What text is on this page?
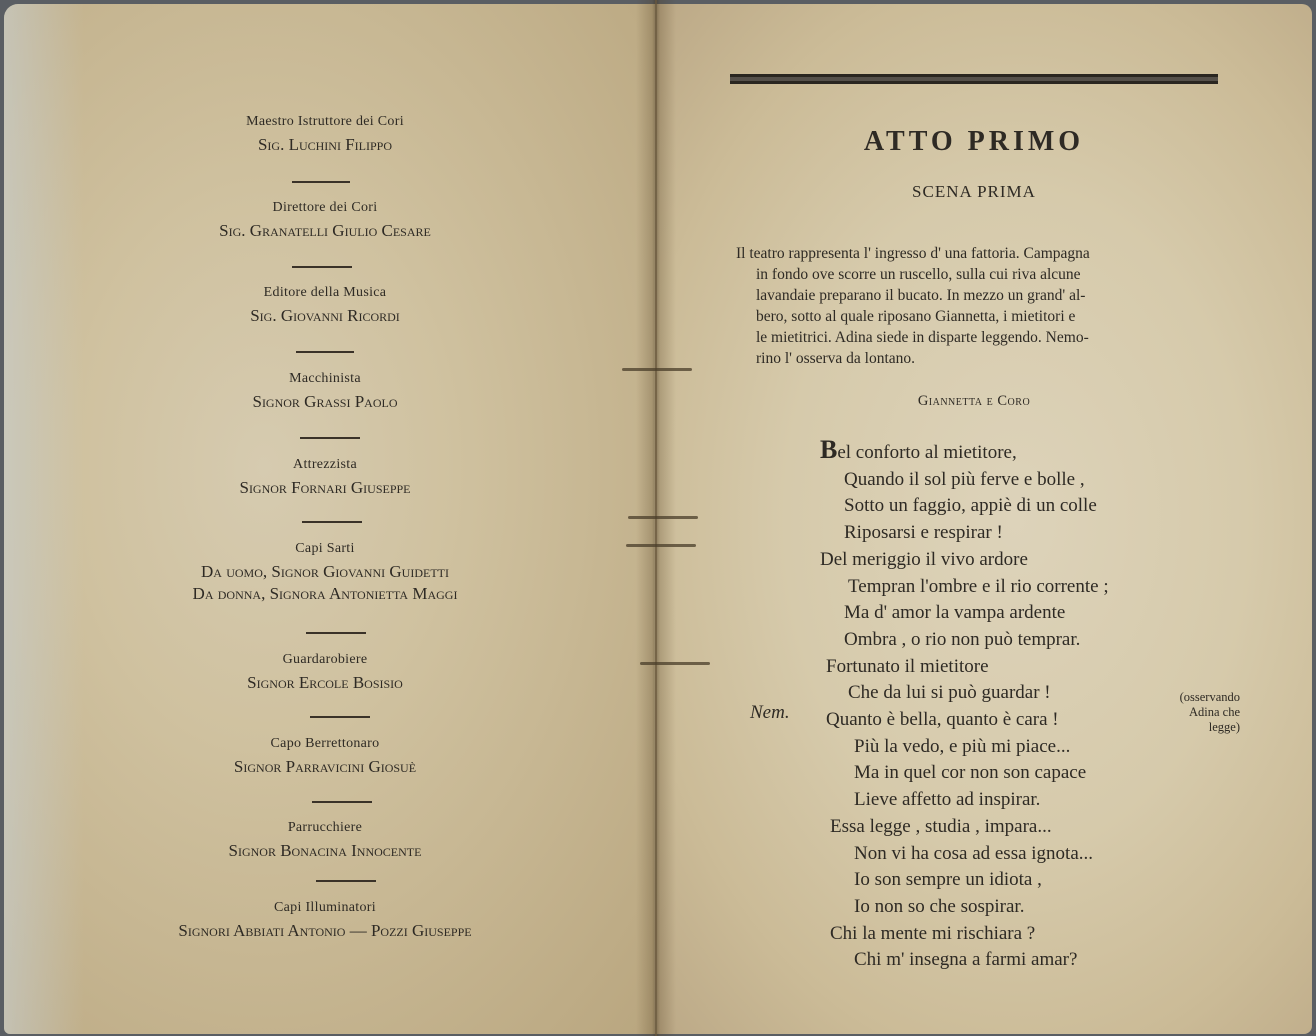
Maestro Istruttore dei Cori
Sig. Luchini Filippo
Direttore dei Cori
Sig. Granatelli Giulio Cesare
Editore della Musica
Sig. Giovanni Ricordi
Macchinista
Signor Grassi Paolo
Attrezzista
Signor Fornari Giuseppe
Capi Sarti
Da uomo, Signor Giovanni Guidetti
Da donna, Signora Antonietta Maggi
Guardarobiere
Signor Ercole Bosisio
Capo Berrettonaro
Signor Parravicini Giosuè
Parrucchiere
Signor Bonacina Innocente
Capi Illuminatori
Signori Abbiati Antonio — Pozzi Giuseppe
ATTO PRIMO
SCENA PRIMA
Il teatro rappresenta l' ingresso d' una fattoria. Campagna
in fondo ove scorre un ruscello, sulla cui riva alcune
lavandaie preparano il bucato. In mezzo un grand' al-
bero, sotto al quale riposano Giannetta, i mietitori e
le mietitrici. Adina siede in disparte leggendo. Nemo-
rino l' osserva da lontano.
Giannetta e Coro
Nem.
(osservando
Adina che
legge)
Bel conforto al mietitore,
Quando il sol più ferve e bolle ,
Sotto un faggio, appiè di un colle
Riposarsi e respirar !
Del meriggio il vivo ardore
Tempran l'ombre e il rio corrente ;
Ma d' amor la vampa ardente
Ombra , o rio non può temprar.
Fortunato il mietitore
Che da lui si può guardar !
Quanto è bella, quanto è cara !
Più la vedo, e più mi piace...
Ma in quel cor non son capace
Lieve affetto ad inspirar.
Essa legge , studia , impara...
Non vi ha cosa ad essa ignota...
Io son sempre un idiota ,
Io non so che sospirar.
Chi la mente mi rischiara ?
Chi m' insegna a farmi amar?
